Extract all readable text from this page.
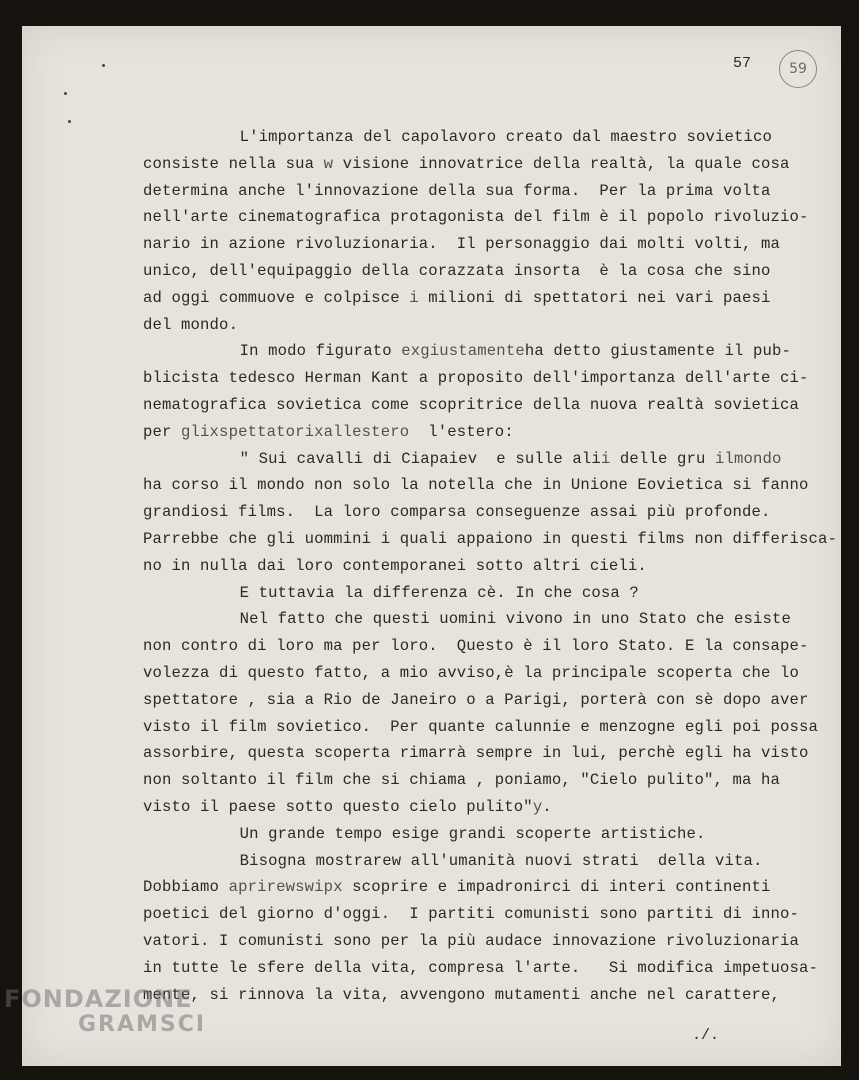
57	59
L'importanza del capolavoro creato dal maestro sovietico
consiste nella sua w visione innovatrice della realtà, la quale cosa
determina anche l'innovazione della sua forma.  Per la prima volta
nell'arte cinematografica protagonista del film è il popolo rivoluzio-
nario in azione rivoluzionaria.  Il personaggio dai molti volti, ma
unico, dell'equipaggio della corazzata insorta  è la cosa che sino
ad oggi commuove e colpisce i milioni di spettatori nei vari paesi
del mondo.
In modo figurato exgiustamenteha detto giustamente il pub-
blicista tedesco Herman Kant a proposito dell'importanza dell'arte ci-
nematografica sovietica come scopritrice della nuova realtà sovietica
per glixspettatorixallestero  l'estero:
" Sui cavalli di Ciapaiev  e sulle alii delle gru ilmondo
ha corso il mondo non solo la notella che in Unione Eovietica si fanno
grandiosi films.  La loro comparsa conseguenze assai più profonde.
Parrebbe che gli uommini i quali appaiono in questi films non differisca-
no in nulla dai loro contemporanei sotto altri cieli.
E tuttavia la differenza cè. In che cosa ?
Nel fatto che questi uomini vivono in uno Stato che esiste
non contro di loro ma per loro.  Questo è il loro Stato. E la consape-
volezza di questo fatto, a mio avviso,è la principale scoperta che lo
spettatore , sia a Rio de Janeiro o a Parigi, porterà con sè dopo aver
visto il film sovietico.  Per quante calunnie e menzogne egli poi possa
assorbire, questa scoperta rimarrà sempre in lui, perchè egli ha visto
non soltanto il film che si chiama , poniamo, "Cielo pulito", ma ha
visto il paese sotto questo cielo pulito"y.
Un grande tempo esige grandi scoperte artistiche.
Bisogna mostrarew all'umanità nuovi strati  della vita.
Dobbiamo aprirewswipx scoprire e impadronirci di interi continenti
poetici del giorno d'oggi.  I partiti comunisti sono partiti di inno-
vatori. I comunisti sono per la più audace innovazione rivoluzionaria
in tutte le sfere della vita, compresa l'arte.   Si modifica impetuosa-
mente, si rinnova la vita, avvengono mutamenti anche nel carattere,
FONDAZIONE
GRAMSCI	./.
